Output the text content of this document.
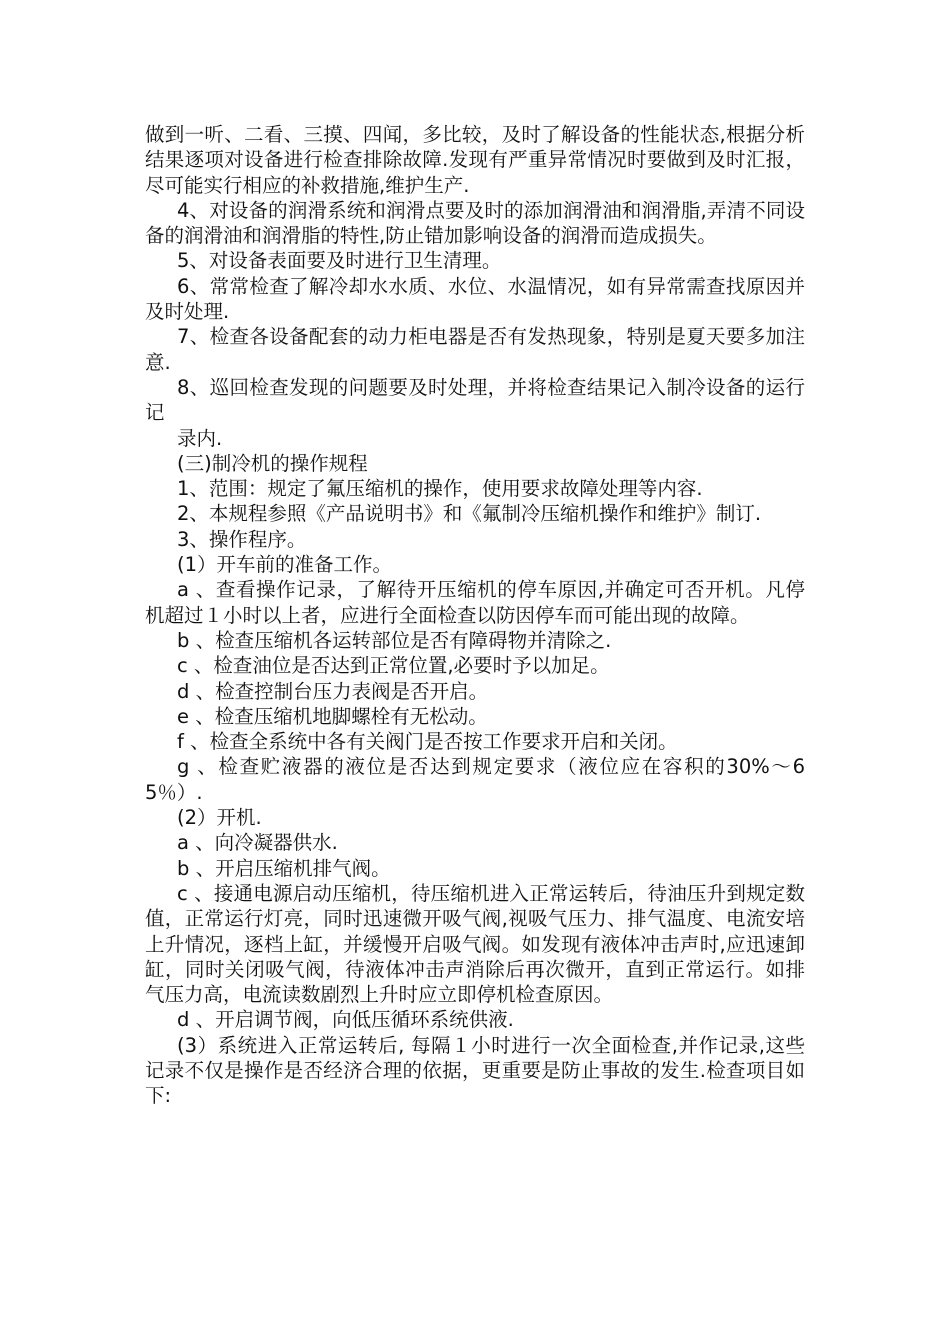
做到一听、二看、三摸、四闻，多比较，及时了解设备的性能状态,根据分析结果逐项对设备进行检查排除故障.发现有严重异常情况时要做到及时汇报，尽可能实行相应的补救措施,维护生产.

4、对设备的润滑系统和润滑点要及时的添加润滑油和润滑脂,弄清不同设备的润滑油和润滑脂的特性,防止错加影响设备的润滑而造成损失。

5、对设备表面要及时进行卫生清理。

6、常常检查了解冷却水水质、水位、水温情况，如有异常需查找原因并及时处理.

7、检查各设备配套的动力柜电器是否有发热现象，特别是夏天要多加注意.

8、巡回检查发现的问题要及时处理，并将检查结果记入制冷设备的运行记

录内.

(三)制冷机的操作规程

1、范围：规定了氟压缩机的操作，使用要求故障处理等内容.

2、本规程参照《产品说明书》和《氟制冷压缩机操作和维护》制订.

3、操作程序。

(1）开车前的准备工作。

a 、查看操作记录，了解待开压缩机的停车原因,并确定可否开机。凡停机超过１小时以上者，应进行全面检查以防因停车而可能出现的故障。

b 、检查压缩机各运转部位是否有障碍物并清除之.

c 、检查油位是否达到正常位置,必要时予以加足。

d 、检查控制台压力表阀是否开启。

e 、检查压缩机地脚螺栓有无松动。

f 、检查全系统中各有关阀门是否按工作要求开启和关闭。

g 、检查贮液器的液位是否达到规定要求（液位应在容积的30%～65％）.

(2）开机.

a 、向冷凝器供水.

b 、开启压缩机排气阀。

c 、接通电源启动压缩机，待压缩机进入正常运转后，待油压升到规定数值，正常运行灯亮，同时迅速微开吸气阀,视吸气压力、排气温度、电流安培上升情况，逐档上缸，并缓慢开启吸气阀。如发现有液体冲击声时,应迅速卸缸，同时关闭吸气阀，待液体冲击声消除后再次微开，直到正常运行。如排气压力高，电流读数剧烈上升时应立即停机检查原因。

d 、开启调节阀，向低压循环系统供液.

(3）系统进入正常运转后, 每隔１小时进行一次全面检查,并作记录,这些记录不仅是操作是否经济合理的依据，更重要是防止事故的发生.检查项目如下:
